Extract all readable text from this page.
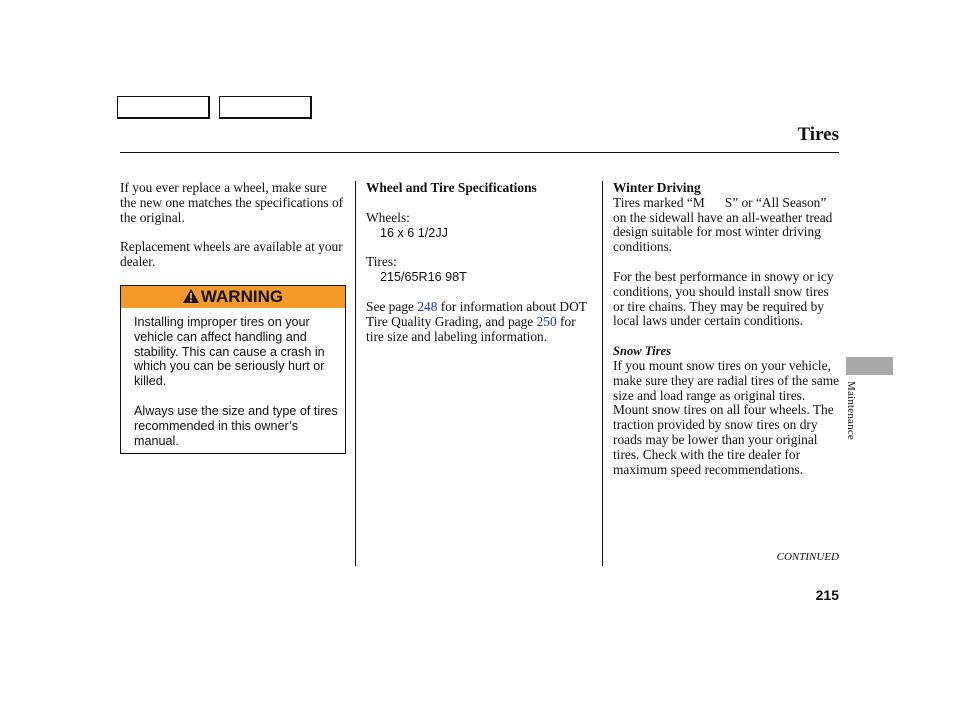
Tires

If you ever replace a wheel, make sure the new one matches the specifications of the original.

Replacement wheels are available at your dealer.

WARNING

Installing improper tires on your vehicle can affect handling and stability. This can cause a crash in which you can be seriously hurt or killed.

Always use the size and type of tires recommended in this owner’s manual.

Wheel and Tire Specifications

Wheels:

16 x 6 1/2JJ

Tires:

215/65R16 98T

See page 248 for information about DOT Tire Quality Grading, and page 250 for tire size and labeling information.

Winter Driving

Tires marked “M S” or “All Season” on the sidewall have an all-weather tread design suitable for most winter driving conditions.

For the best performance in snowy or icy conditions, you should install snow tires or tire chains. They may be required by local laws under certain conditions.

Snow Tires

If you mount snow tires on your vehicle, make sure they are radial tires of the same size and load range as original tires. Mount snow tires on all four wheels. The traction provided by snow tires on dry roads may be lower than your original tires. Check with the tire dealer for maximum speed recommendations.

Maintenance
CONTINUED
215
